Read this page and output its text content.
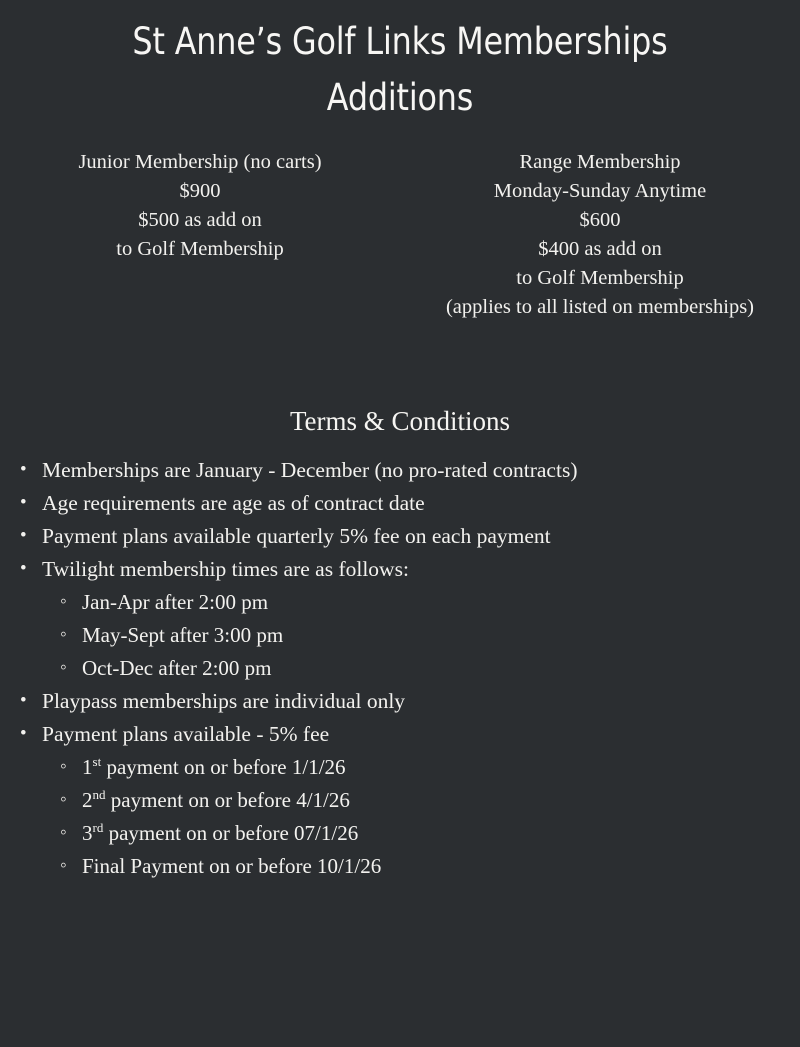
St Anne’s Golf Links Memberships
Additions
Junior Membership (no carts)
$900
$500 as add on
to Golf Membership
Range Membership
Monday-Sunday Anytime
$600
$400 as add on
to Golf Membership
(applies to all listed on memberships)
Terms & Conditions
• Memberships are January - December (no pro-rated contracts)
• Age requirements are age as of contract date
• Payment plans available quarterly 5% fee on each payment
• Twilight membership times are as follows:
◦ Jan-Apr after 2:00 pm
◦ May-Sept after 3:00 pm
◦ Oct-Dec after 2:00 pm
• Playpass memberships are individual only
• Payment plans available - 5% fee
◦ 1st payment on or before 1/1/26
◦ 2nd payment on or before 4/1/26
◦ 3rd payment on or before 07/1/26
◦ Final Payment on or before 10/1/26
